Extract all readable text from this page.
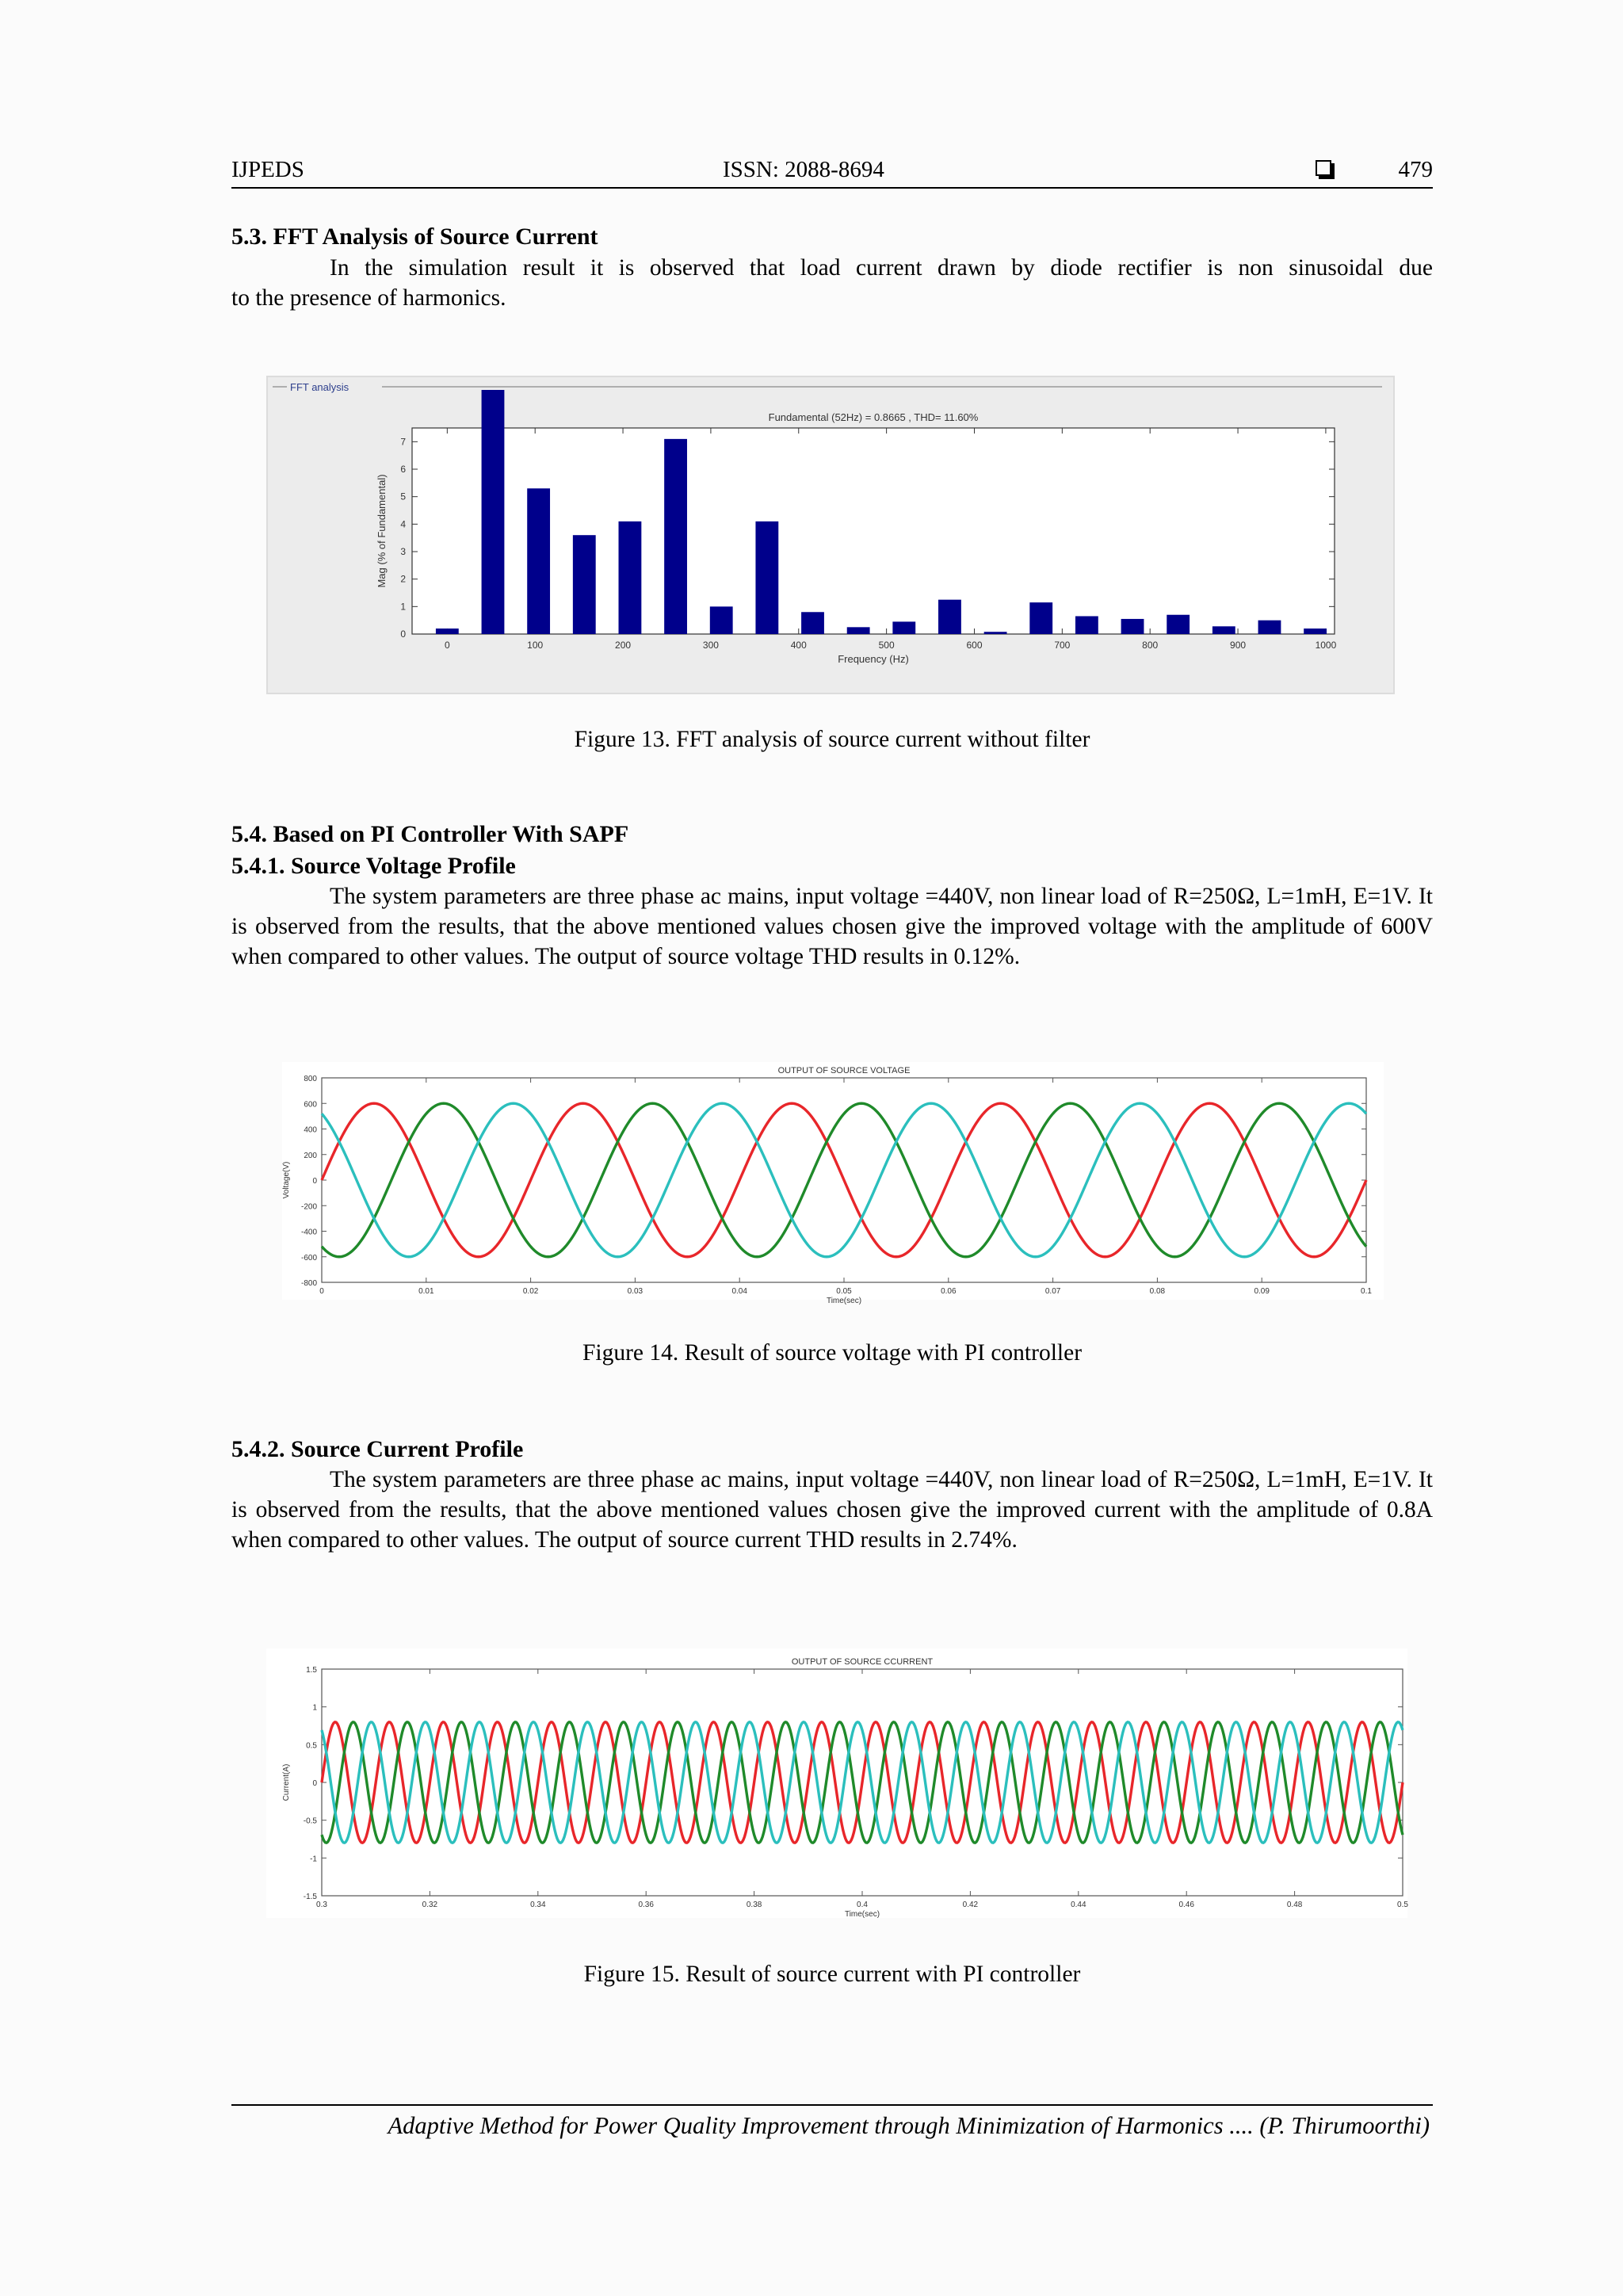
IJPEDS	ISSN: 2088-8694	479
5.3. FFT Analysis of Source Current
In the simulation result it is observed that load current drawn by diode rectifier is non sinusoidal due
to the presence of harmonics.
FFT analysis
0
1
2
3
4
5
6
7
0	100	200	300	400	500	600	700	800	900	1000
Fundamental (52Hz) = 0.8665 , THD= 11.60%
Frequency (Hz)
Mag (% of Fundamental)
Figure 13. FFT analysis of source current without filter
5.4. Based on PI Controller With SAPF
5.4.1. Source Voltage Profile
The system parameters are three phase ac mains, input voltage =440V, non linear load of R=250Ω, L=1mH, E=1V. It is observed from the results, that the above mentioned values chosen give the improved voltage with the amplitude of 600V when compared to other values. The output of source voltage THD results in 0.12%.
800
600
400
200
0
-200
-400
-600
-800
0	0.01	0.02	0.03	0.04	0.05	0.06	0.07	0.08	0.09	0.1
OUTPUT OF SOURCE VOLTAGE
Time(sec)
Voltage(V)
Figure 14. Result of source voltage with PI controller
5.4.2. Source Current Profile
The system parameters are three phase ac mains, input voltage =440V, non linear load of R=250Ω, L=1mH, E=1V. It is observed from the results, that the above mentioned values chosen give the improved current with the amplitude of 0.8A when compared to other values. The output of source current THD results in 2.74%.
1.5
1
0.5
0
-0.5
-1
-1.5
0.3	0.32	0.34	0.36	0.38	0.4	0.42	0.44	0.46	0.48	0.5
OUTPUT OF SOURCE CCURRENT
Time(sec)
Current(A)
Figure 15. Result of source current with PI controller
Adaptive Method for Power Quality Improvement through Minimization of Harmonics .... (P. Thirumoorthi)
